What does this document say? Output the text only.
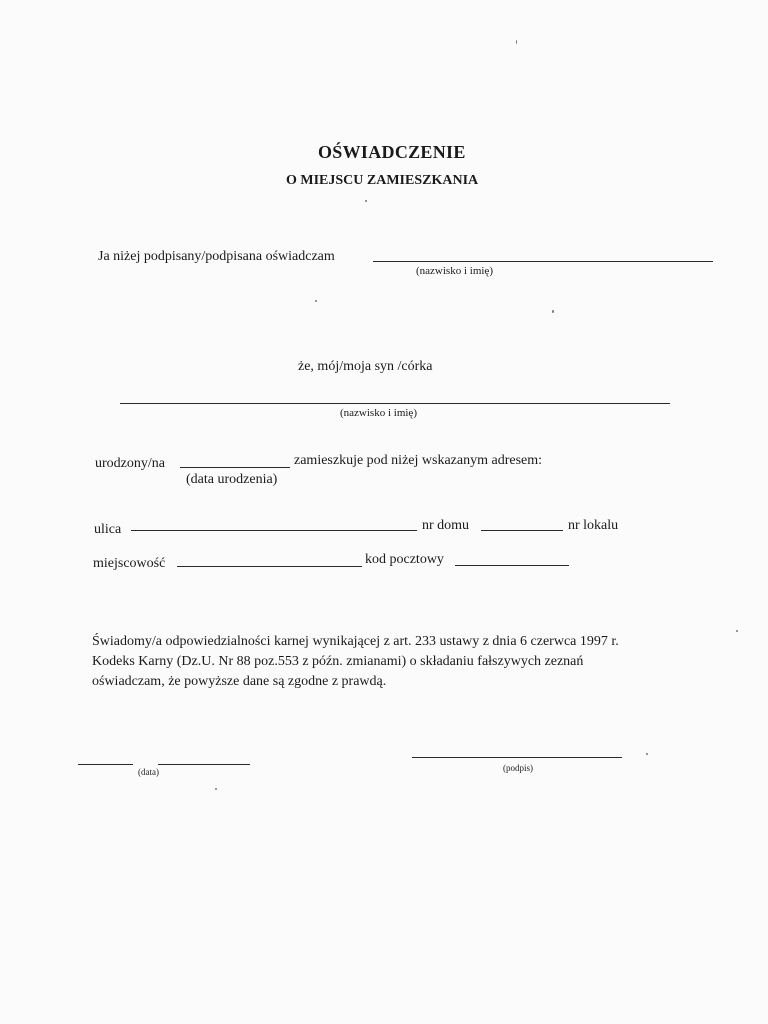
OŚWIADCZENIE
O MIEJSCU ZAMIESZKANIA
Ja niżej podpisany/podpisana oświadczam
(nazwisko i imię)
że, mój/moja syn /córka
(nazwisko i imię)
urodzony/na	zamieszkuje pod niżej wskazanym adresem:
(data urodzenia)
ulica	nr domu	nr lokalu
miejscowość	kod pocztowy
Świadomy/a odpowiedzialności karnej wynikającej z art. 233 ustawy z dnia 6 czerwca 1997 r.
Kodeks Karny (Dz.U. Nr 88 poz.553 z późn. zmianami) o składaniu fałszywych zeznań
oświadczam, że powyższe dane są zgodne z prawdą.
(data)	(podpis)
